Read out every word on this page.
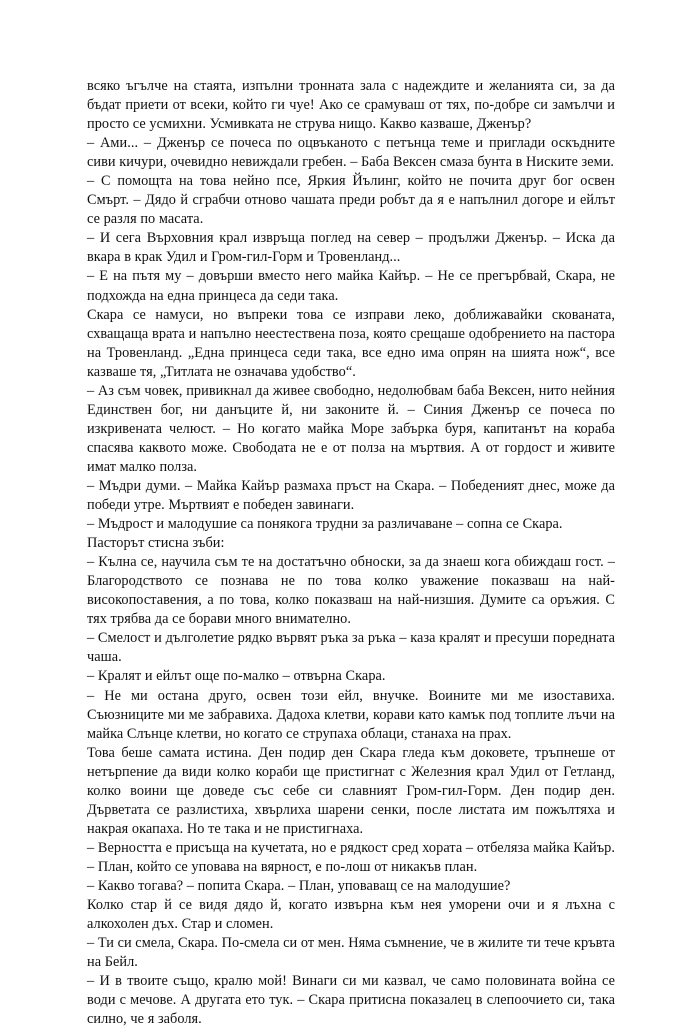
всяко ъгълче на стаята, изпълни тронната зала с надеждите и желанията си, за да бъдат приети от всеки, който ги чуе! Ако се срамуваш от тях, по-добре си замълчи и просто се усмихни. Усмивката не струва нищо. Какво казваше, Дженър?

– Ами... – Дженър се почеса по оцвъканото с петънца теме и приглади оскъдните сиви кичури, очевидно невиждали гребен. – Баба Вексен смаза бунта в Ниските земи.

– С помощта на това нейно псе, Яркия Йълинг, който не почита друг бог освен Смърт. – Дядо й сграбчи отново чашата преди робът да я е напълнил догоре и ейлът се разля по масата.

– И сега Върховния крал извръща поглед на север – продължи Дженър. – Иска да вкара в крак Удил и Гром-гил-Горм и Тровенланд...

– Е на пътя му – довърши вместо него майка Кайър. – Не се прегърбвай, Скара, не подхожда на една принцеса да седи така.

Скара се намуси, но въпреки това се изправи леко, доближавайки скованата, схващаща врата и напълно неестествена поза, която срещаше одобрението на пастора на Тровенланд. „Една принцеса седи така, все едно има опрян на шията нож“, все казваше тя, „Титлата не означава удобство“.

– Аз съм човек, привикнал да живее свободно, недолюбвам баба Вексен, нито нейния Единствен бог, ни данъците й, ни законите й. – Синия Дженър се почеса по изкривената челюст. – Но когато майка Море забърка буря, капитанът на кораба спасява каквото може. Свободата не е от полза на мъртвия. А от гордост и живите имат малко полза.

– Мъдри думи. – Майка Кайър размаха пръст на Скара. – Победеният днес, може да победи утре. Мъртвият е победен завинаги.

– Мъдрост и малодушие са понякога трудни за различаване – сопна се Скара.

Пасторът стисна зъби:

– Кълна се, научила съм те на достатъчно обноски, за да знаеш кога обиждаш гост. – Благородството се познава не по това колко уважение показваш на най-високопоставения, а по това, колко показваш на най-низшия. Думите са оръжия. С тях трябва да се борави много внимателно.

– Смелост и дълголетие рядко вървят ръка за ръка – каза кралят и пресуши поредната чаша.

– Кралят и ейлът още по-малко – отвърна Скара.

– Не ми остана друго, освен този ейл, внучке. Воините ми ме изоставиха. Съюзниците ми ме забравиха. Дадоха клетви, корави като камък под топлите лъчи на майка Слънце клетви, но когато се струпаха облаци, станаха на прах.

Това беше самата истина. Ден подир ден Скара гледа към доковете, тръпнеше от нетърпение да види колко кораби ще пристигнат с Железния крал Удил от Гетланд, колко воини ще доведе със себе си славният Гром-гил-Горм. Ден подир ден. Дърветата се разлистиха, хвърлиха шарени сенки, после листата им пожълтяха и накрая окапаха. Но те така и не пристигнаха.

– Верността е присъща на кучетата, но е рядкост сред хората – отбеляза майка Кайър. – План, който се уповава на вярност, е по-лош от никакъв план.

– Какво тогава? – попита Скара. – План, уповаващ се на малодушие?

Колко стар й се видя дядо й, когато извърна към нея уморени очи и я лъхна с алкохолен дъх. Стар и сломен.

– Ти си смела, Скара. По-смела си от мен. Няма съмнение, че в жилите ти тече кръвта на Бейл.

– И в твоите също, кралю мой! Винаги си ми казвал, че само половината война се води с мечове. А другата ето тук. – Скара притисна показалец в слепоочието си, така силно, че я заболя.
